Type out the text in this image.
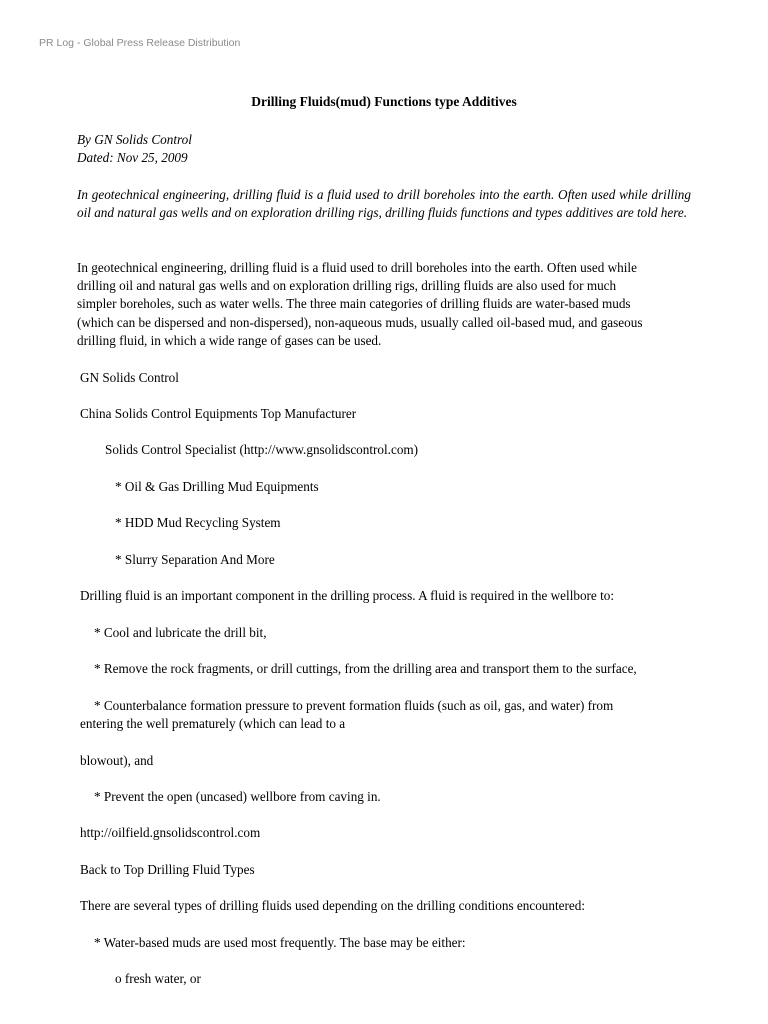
PR Log - Global Press Release Distribution
Drilling Fluids(mud) Functions type Additives
By GN Solids Control
Dated: Nov 25, 2009
In geotechnical engineering, drilling fluid is a fluid used to drill boreholes into the earth. Often used while drilling oil and natural gas wells and on exploration drilling rigs, drilling fluids functions and types additives are told here.
In geotechnical engineering, drilling fluid is a fluid used to drill boreholes into the earth. Often used while
drilling oil and natural gas wells and on exploration drilling rigs, drilling fluids are also used for much
simpler boreholes, such as water wells. The three main categories of drilling fluids are water-based muds
(which can be dispersed and non-dispersed), non-aqueous muds, usually called oil-based mud, and gaseous
drilling fluid, in which a wide range of gases can be used.
GN Solids Control
China Solids Control Equipments Top Manufacturer
Solids Control Specialist (http://www.gnsolidscontrol.com)
* Oil & Gas Drilling Mud Equipments
* HDD Mud Recycling System
* Slurry Separation And More
Drilling fluid is an important component in the drilling process. A fluid is required in the wellbore to:
* Cool and lubricate the drill bit,
* Remove the rock fragments, or drill cuttings, from the drilling area and transport them to the surface,
* Counterbalance formation pressure to prevent formation fluids (such as oil, gas, and water) from
entering the well prematurely (which can lead to a
blowout), and
* Prevent the open (uncased) wellbore from caving in.
http://oilfield.gnsolidscontrol.com
Back to Top Drilling Fluid Types
There are several types of drilling fluids used depending on the drilling conditions encountered:
* Water-based muds are used most frequently. The base may be either:
o fresh water, or
